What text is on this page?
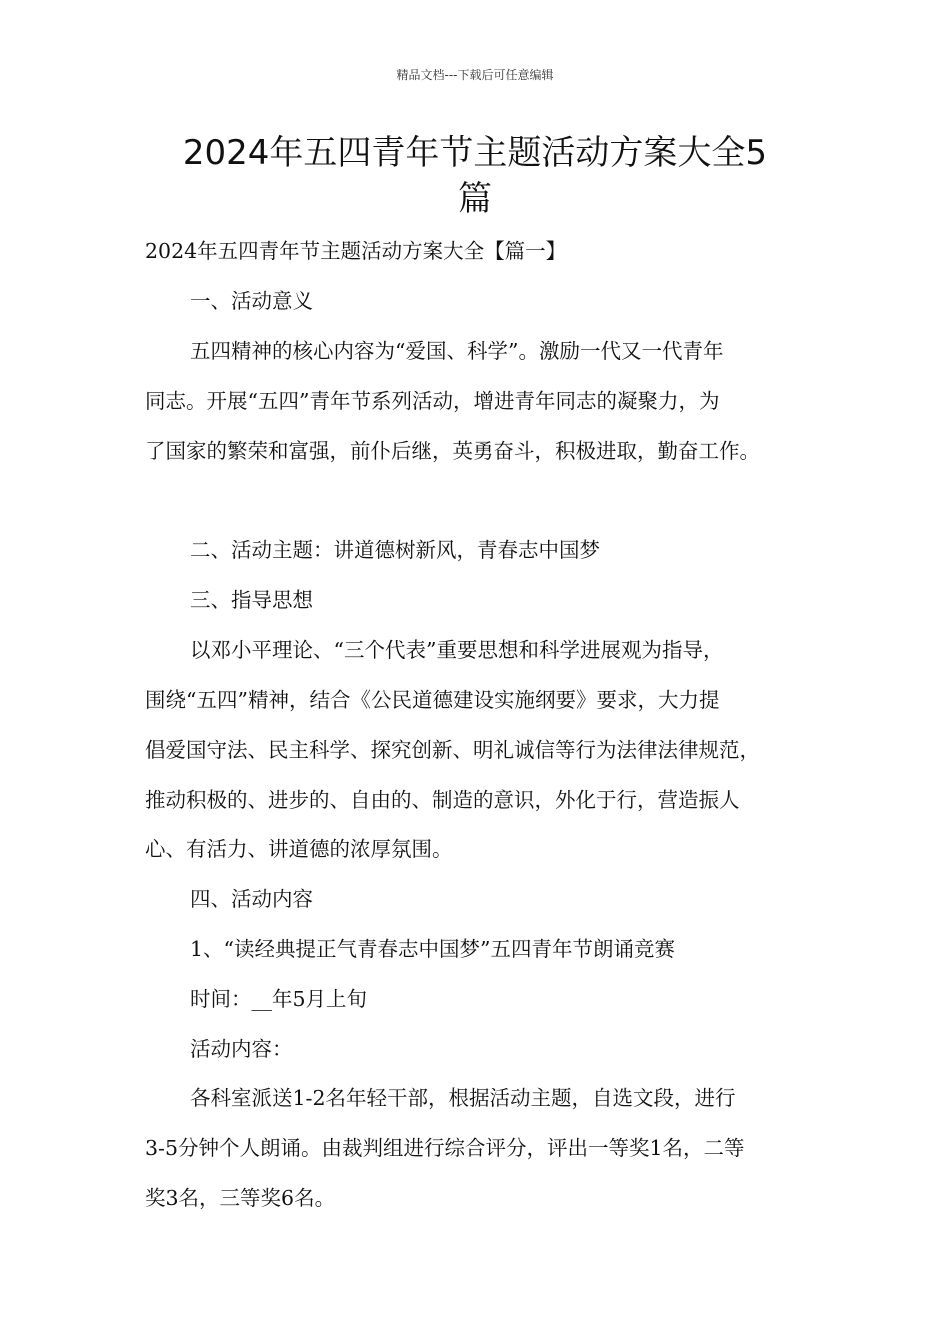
精品文档---下载后可任意编辑
2024年五四青年节主题活动方案大全5
篇
2024年五四青年节主题活动方案大全【篇一】
一、活动意义
五四精神的核心内容为“爱国、科学”。激励一代又一代青年
同志。开展“五四”青年节系列活动，增进青年同志的凝聚力，为
了国家的繁荣和富强，前仆后继，英勇奋斗，积极进取，勤奋工作。
二、活动主题：讲道德树新风，青春志中国梦
三、指导思想
以邓小平理论、“三个代表”重要思想和科学进展观为指导，
围绕“五四”精神，结合《公民道德建设实施纲要》要求，大力提
倡爱国守法、民主科学、探究创新、明礼诚信等行为法律法律规范，
推动积极的、进步的、自由的、制造的意识，外化于行，营造振人
心、有活力、讲道德的浓厚氛围。
四、活动内容
1、“读经典提正气青春志中国梦”五四青年节朗诵竞赛
时间：__年5月上旬
活动内容：
各科室派送1-2名年轻干部，根据活动主题，自选文段，进行
3-5分钟个人朗诵。由裁判组进行综合评分，评出一等奖1名，二等
奖3名，三等奖6名。
